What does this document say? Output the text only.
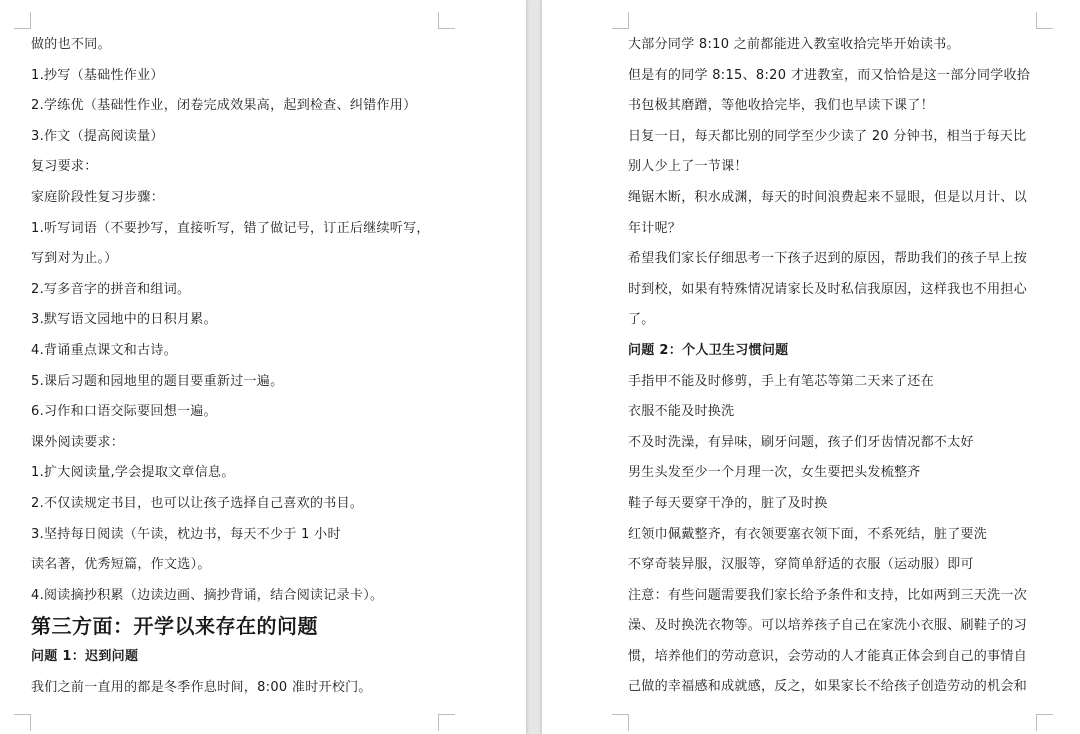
做的也不同。
1.抄写（基础性作业）
2.学练优（基础性作业，闭卷完成效果高，起到检查、纠错作用）
3.作文（提高阅读量）
复习要求：
家庭阶段性复习步骤：
1.听写词语（不要抄写，直接听写，错了做记号，订正后继续听写，
写到对为止。）
2.写多音字的拼音和组词。
3.默写语文园地中的日积月累。
4.背诵重点课文和古诗。
5.课后习题和园地里的题目要重新过一遍。
6.习作和口语交际要回想一遍。
课外阅读要求：
1.扩大阅读量,学会提取文章信息。
2.不仅读规定书目，也可以让孩子选择自己喜欢的书目。
3.坚持每日阅读（午读，枕边书，每天不少于 1 小时
读名著，优秀短篇，作文选）。
4.阅读摘抄积累（边读边画、摘抄背诵，结合阅读记录卡）。
第三方面：开学以来存在的问题
问题 1：迟到问题
我们之前一直用的都是冬季作息时间，8:00 准时开校门。
大部分同学 8:10 之前都能进入教室收拾完毕开始读书。
但是有的同学 8:15、8:20 才进教室，而又恰恰是这一部分同学收拾
书包极其磨蹭，等他收拾完毕，我们也早读下课了！
日复一日，每天都比别的同学至少少读了 20 分钟书，相当于每天比
别人少上了一节课！
绳锯木断，积水成渊，每天的时间浪费起来不显眼，但是以月计、以
年计呢？
希望我们家长仔细思考一下孩子迟到的原因，帮助我们的孩子早上按
时到校，如果有特殊情况请家长及时私信我原因，这样我也不用担心
了。
问题 2：个人卫生习惯问题
手指甲不能及时修剪，手上有笔芯等第二天来了还在
衣服不能及时换洗
不及时洗澡，有异味，刷牙问题，孩子们牙齿情况都不太好
男生头发至少一个月理一次，女生要把头发梳整齐
鞋子每天要穿干净的，脏了及时换
红领巾佩戴整齐，有衣领要塞衣领下面，不系死结，脏了要洗
不穿奇装异服，汉服等，穿简单舒适的衣服（运动服）即可
注意：有些问题需要我们家长给予条件和支持，比如两到三天洗一次
澡、及时换洗衣物等。可以培养孩子自己在家洗小衣服、刷鞋子的习
惯，培养他们的劳动意识，会劳动的人才能真正体会到自己的事情自
己做的幸福感和成就感，反之，如果家长不给孩子创造劳动的机会和
